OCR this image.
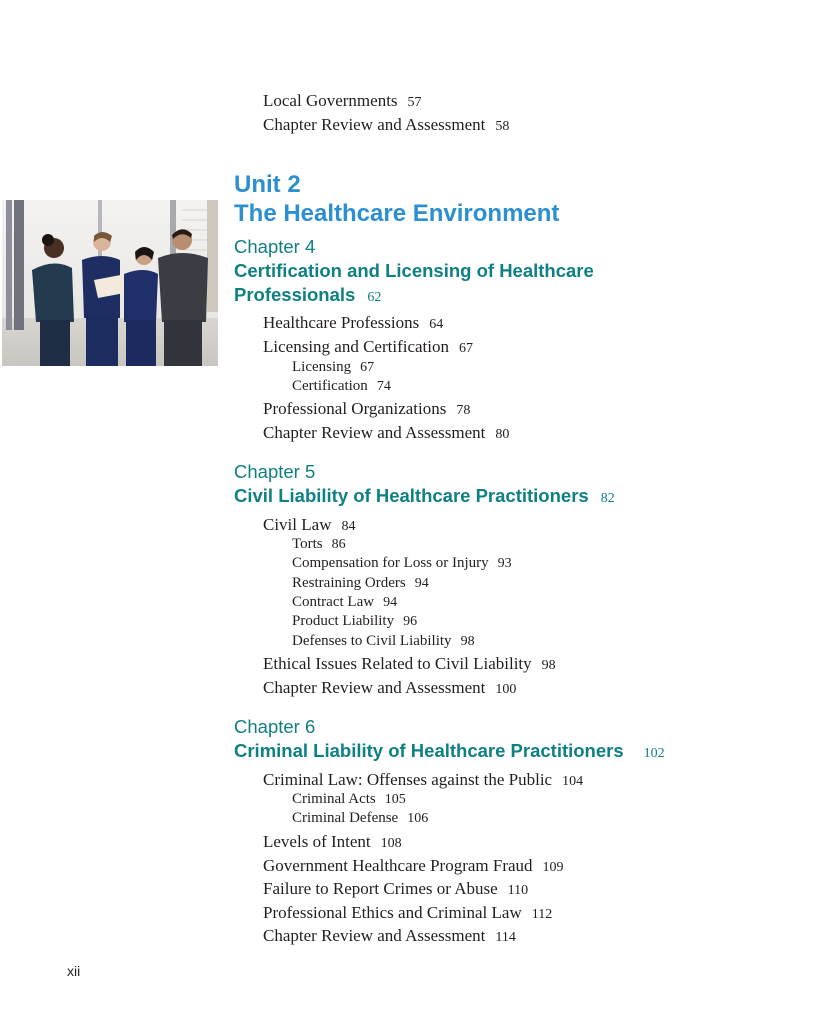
Local Governments 57
Chapter Review and Assessment 58
Unit 2
The Healthcare Environment
Chapter 4
Certification and Licensing of Healthcare
Professionals 62
Healthcare Professions 64
Licensing and Certification 67
Licensing 67
Certification 74
Professional Organizations 78
Chapter Review and Assessment 80
Chapter 5
Civil Liability of Healthcare Practitioners 82
Civil Law 84
Torts 86
Compensation for Loss or Injury 93
Restraining Orders 94
Contract Law 94
Product Liability 96
Defenses to Civil Liability 98
Ethical Issues Related to Civil Liability 98
Chapter Review and Assessment 100
Chapter 6
Criminal Liability of Healthcare Practitioners 102
Criminal Law: Offenses against the Public 104
Criminal Acts 105
Criminal Defense 106
Levels of Intent 108
Government Healthcare Program Fraud 109
Failure to Report Crimes or Abuse 110
Professional Ethics and Criminal Law 112
Chapter Review and Assessment 114
xii
